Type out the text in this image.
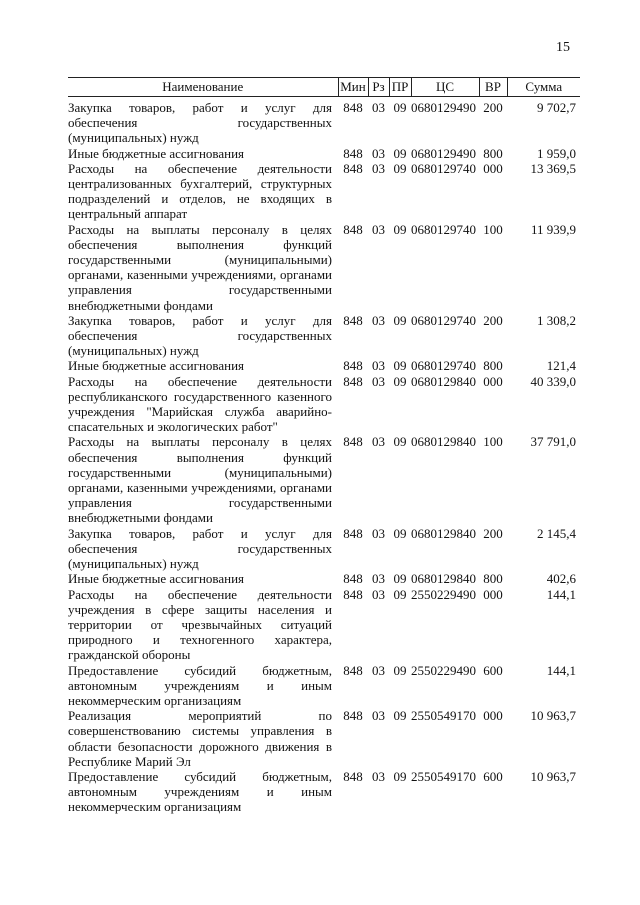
15
Наименование	Мин	Рз	ПР	ЦС	ВР	Сумма
Закупка товаров, работ и услуг для обеспечения государственных (муниципальных) нужд	848	03	09	0680129490	200	9 702,7
Иные бюджетные ассигнования	848	03	09	0680129490	800	1 959,0
Расходы на обеспечение деятельности централизованных бухгалтерий, структурных подразделений и отделов, не входящих в центральный аппарат	848	03	09	0680129740	000	13 369,5
Расходы на выплаты персоналу в целях обеспечения выполнения функций государственными (муниципальными) органами, казенными учреждениями, органами управления государственными внебюджетными фондами	848	03	09	0680129740	100	11 939,9
Закупка товаров, работ и услуг для обеспечения государственных (муниципальных) нужд	848	03	09	0680129740	200	1 308,2
Иные бюджетные ассигнования	848	03	09	0680129740	800	121,4
Расходы на обеспечение деятельности республиканского государственного казенного учреждения "Марийская служба аварийно-спасательных и экологических работ"	848	03	09	0680129840	000	40 339,0
Расходы на выплаты персоналу в целях обеспечения выполнения функций государственными (муниципальными) органами, казенными учреждениями, органами управления государственными внебюджетными фондами	848	03	09	0680129840	100	37 791,0
Закупка товаров, работ и услуг для обеспечения государственных (муниципальных) нужд	848	03	09	0680129840	200	2 145,4
Иные бюджетные ассигнования	848	03	09	0680129840	800	402,6
Расходы на обеспечение деятельности учреждения в сфере защиты населения и территории от чрезвычайных ситуаций природного и техногенного характера, гражданской обороны	848	03	09	2550229490	000	144,1
Предоставление субсидий бюджетным, автономным учреждениям и иным некоммерческим организациям	848	03	09	2550229490	600	144,1
Реализация мероприятий по совершенствованию системы управления в области безопасности дорожного движения в Республике Марий Эл	848	03	09	2550549170	000	10 963,7
Предоставление субсидий бюджетным, автономным учреждениям и иным некоммерческим организациям	848	03	09	2550549170	600	10 963,7
